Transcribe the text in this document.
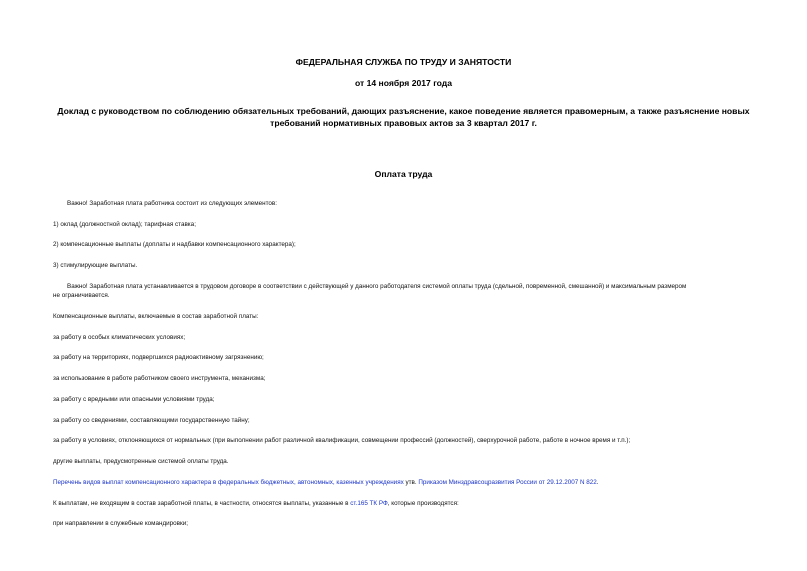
ФЕДЕРАЛЬНАЯ СЛУЖБА ПО ТРУДУ И ЗАНЯТОСТИ
от 14 ноября 2017 года
Доклад с руководством по соблюдению обязательных требований, дающих разъяснение, какое поведение является правомерным, а также разъяснение новых требований нормативных правовых актов за 3 квартал 2017 г.
Оплата труда
Важно! Заработная плата работника состоит из следующих элементов:
1) оклад (должностной оклад); тарифная ставка;
2) компенсационные выплаты (доплаты и надбавки компенсационного характера);
3) стимулирующие выплаты.
Важно! Заработная плата устанавливается в трудовом договоре в соответствии с действующей у данного работодателя системой оплаты труда (сдельной, повременной, смешанной) и максимальным размером
не ограничивается.
Компенсационные выплаты, включаемые в состав заработной платы:
за работу в особых климатических условиях;
за работу на территориях, подвергшихся радиоактивному загрязнению;
за использование в работе работником своего инструмента, механизма;
за работу с вредными или опасными условиями труда;
за работу со сведениями, составляющими государственную тайну;
за работу в условиях, отклоняющихся от нормальных (при выполнении работ различной квалификации, совмещении профессий (должностей), сверхурочной работе, работе в ночное время и т.п.);
другие выплаты, предусмотренные системой оплаты труда.
Перечень видов выплат компенсационного характера в федеральных бюджетных, автономных, казенных учреждениях утв. Приказом Минздравсоцразвития России от 29.12.2007 N 822.
К выплатам, не входящим в состав заработной платы, в частности, относятся выплаты, указанные в ст.165 ТК РФ, которые производятся:
при направлении в служебные командировки;
